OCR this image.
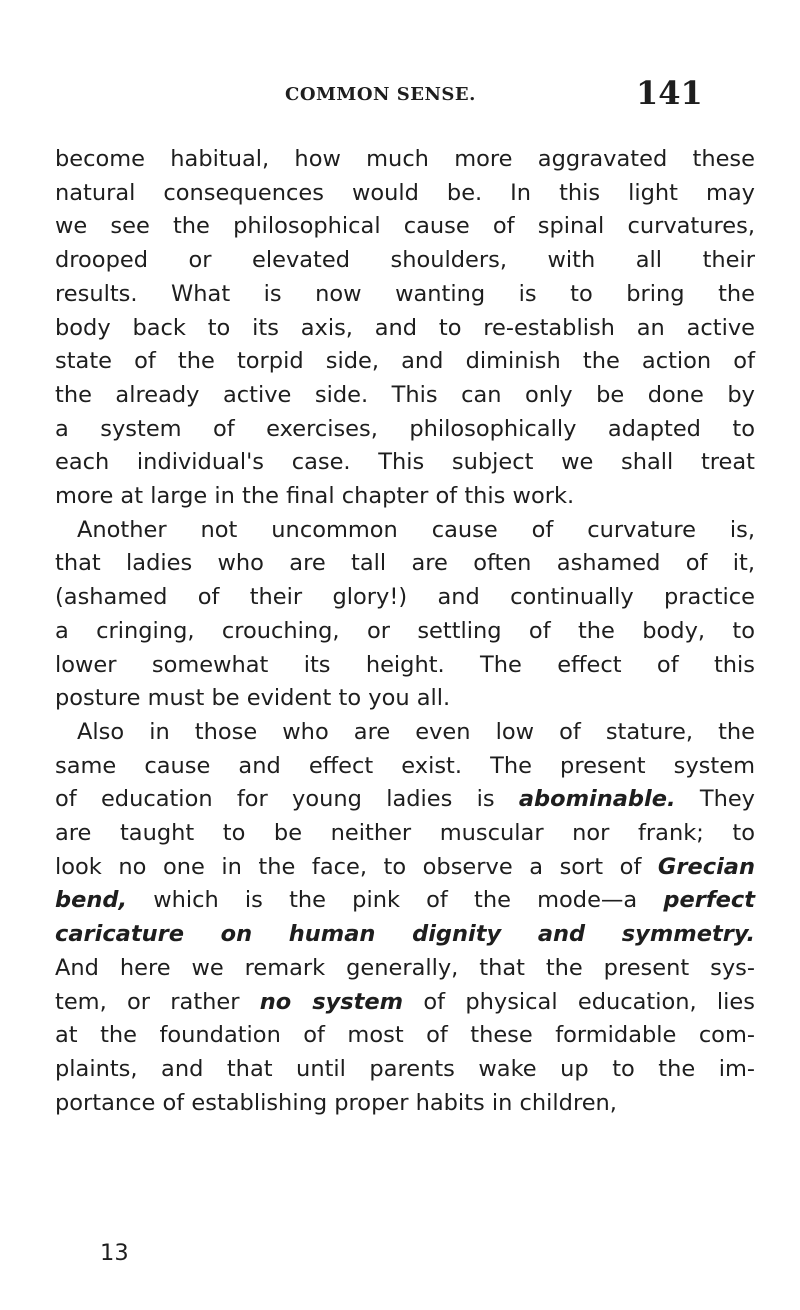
COMMON SENSE.	141
become habitual, how much more aggravated these
natural consequences would be. In this light may
we see the philosophical cause of spinal curvatures,
drooped or elevated shoulders, with all their
results. What is now wanting is to bring the
body back to its axis, and to re-establish an active
state of the torpid side, and diminish the action of
the already active side. This can only be done by
a system of exercises, philosophically adapted to
each individual's case. This subject we shall treat
more at large in the final chapter of this work.
Another not uncommon cause of curvature is,
that ladies who are tall are often ashamed of it,
(ashamed of their glory!) and continually practice
a cringing, crouching, or settling of the body, to
lower somewhat its height. The effect of this
posture must be evident to you all.
Also in those who are even low of stature, the
same cause and effect exist. The present system
of education for young ladies is abominable. They
are taught to be neither muscular nor frank; to
look no one in the face, to observe a sort of Grecian
bend, which is the pink of the mode—a perfect
caricature on human dignity and symmetry.
And here we remark generally, that the present sys-
tem, or rather no system of physical education, lies
at the foundation of most of these formidable com-
plaints, and that until parents wake up to the im-
portance of establishing proper habits in children,
13
